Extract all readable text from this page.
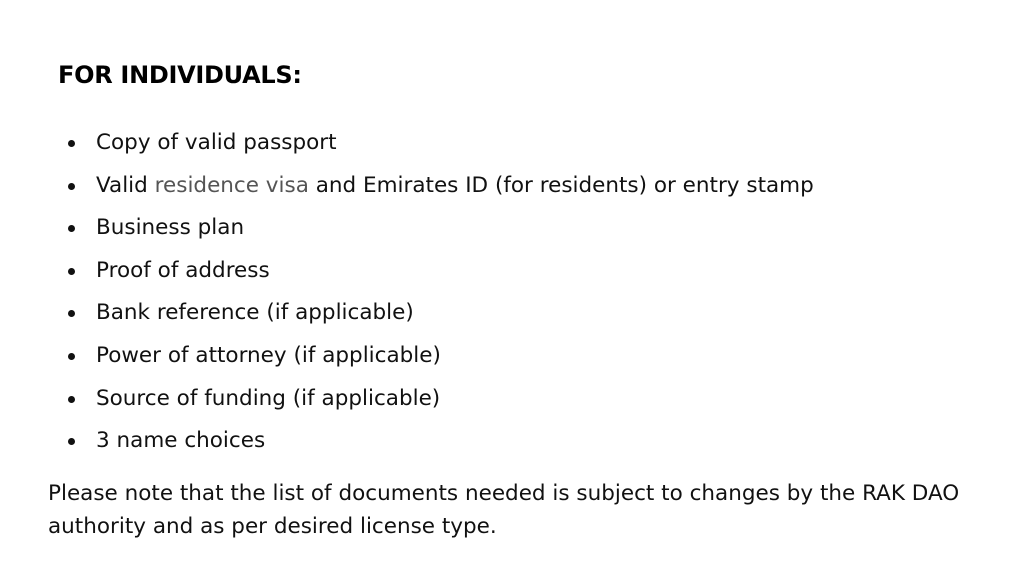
FOR INDIVIDUALS:
Copy of valid passport
Valid residence visa and Emirates ID (for residents) or entry stamp
Business plan
Proof of address
Bank reference (if applicable)
Power of attorney (if applicable)
Source of funding (if applicable)
3 name choices

Please note that the list of documents needed is subject to changes by the RAK DAO authority and as per desired license type.
